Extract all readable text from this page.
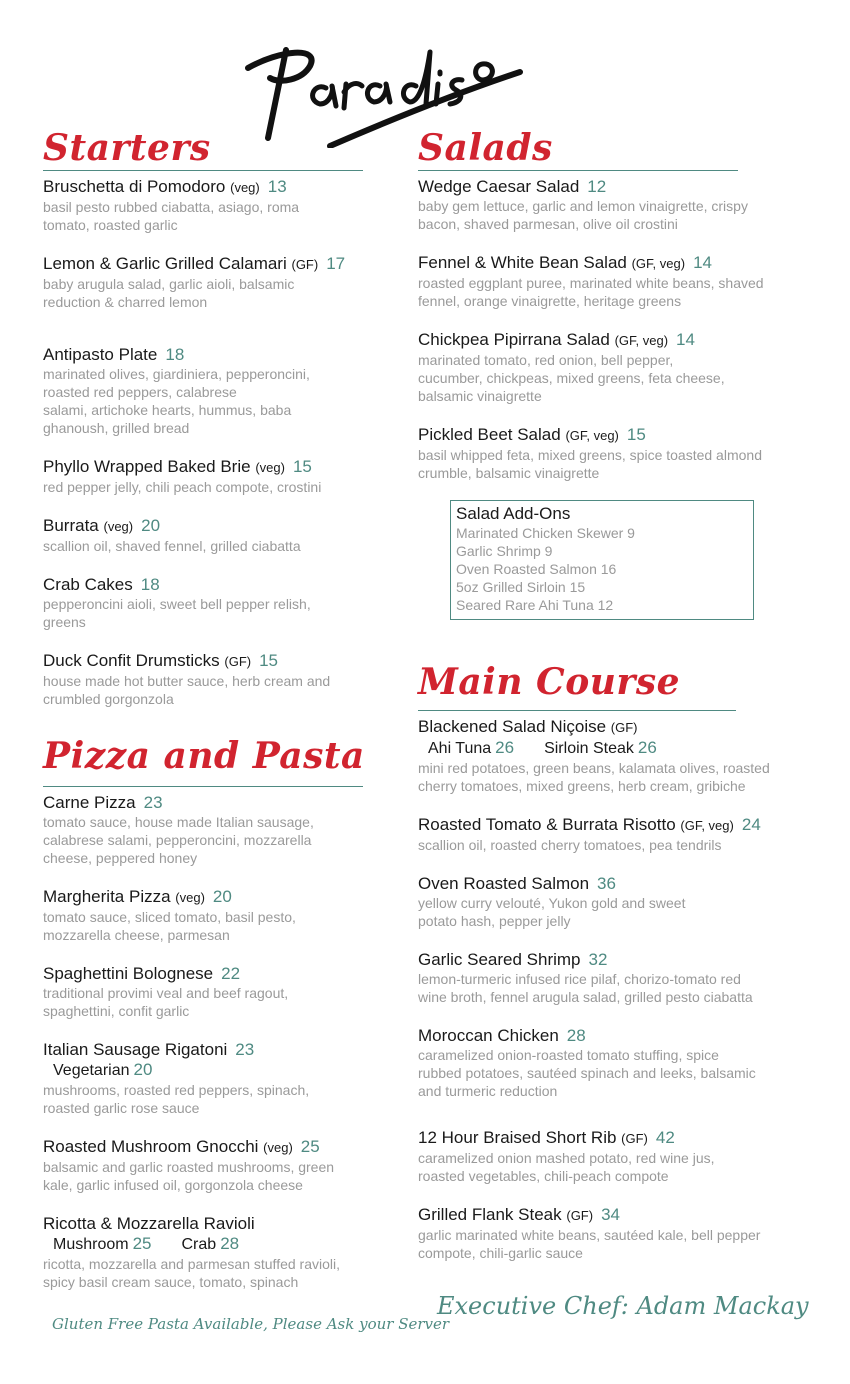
Starters
Bruschetta di Pomodoro (veg) 13
basil pesto rubbed ciabatta, asiago, roma
tomato, roasted garlic
Lemon & Garlic Grilled Calamari (GF) 17
baby arugula salad, garlic aioli, balsamic
reduction & charred lemon
Antipasto Plate 18
marinated olives, giardiniera, pepperoncini,
roasted red peppers, calabrese
salami, artichoke hearts, hummus, baba
ghanoush, grilled bread
Phyllo Wrapped Baked Brie (veg) 15
red pepper jelly, chili peach compote, crostini
Burrata (veg) 20
scallion oil, shaved fennel, grilled ciabatta
Crab Cakes 18
pepperoncini aioli, sweet bell pepper relish,
greens
Duck Confit Drumsticks (GF) 15
house made hot butter sauce, herb cream and
crumbled gorgonzola
Pizza and Pasta
Carne Pizza 23
tomato sauce, house made Italian sausage,
calabrese salami, pepperoncini, mozzarella
cheese, peppered honey
Margherita Pizza (veg) 20
tomato sauce, sliced tomato, basil pesto,
mozzarella cheese, parmesan
Spaghettini Bolognese 22
traditional provimi veal and beef ragout,
spaghettini, confit garlic
Italian Sausage Rigatoni 23
Vegetarian 20
mushrooms, roasted red peppers, spinach,
roasted garlic rose sauce
Roasted Mushroom Gnocchi (veg) 25
balsamic and garlic roasted mushrooms, green
kale, garlic infused oil, gorgonzola cheese
Ricotta & Mozzarella Ravioli
Mushroom 25 Crab 28
ricotta, mozzarella and parmesan stuffed ravioli,
spicy basil cream sauce, tomato, spinach
Salads
Wedge Caesar Salad 12
baby gem lettuce, garlic and lemon vinaigrette, crispy
bacon, shaved parmesan, olive oil crostini
Fennel & White Bean Salad (GF, veg) 14
roasted eggplant puree, marinated white beans, shaved
fennel, orange vinaigrette, heritage greens
Chickpea Pipirrana Salad (GF, veg) 14
marinated tomato, red onion, bell pepper,
cucumber, chickpeas, mixed greens, feta cheese,
balsamic vinaigrette
Pickled Beet Salad (GF, veg) 15
basil whipped feta, mixed greens, spice toasted almond
crumble, balsamic vinaigrette
Salad Add-Ons
Marinated Chicken Skewer 9
Garlic Shrimp 9
Oven Roasted Salmon 16
5oz Grilled Sirloin 15
Seared Rare Ahi Tuna 12
Main Course
Blackened Salad Niçoise (GF)
Ahi Tuna 26 Sirloin Steak 26
mini red potatoes, green beans, kalamata olives, roasted
cherry tomatoes, mixed greens, herb cream, gribiche
Roasted Tomato & Burrata Risotto (GF, veg) 24
scallion oil, roasted cherry tomatoes, pea tendrils
Oven Roasted Salmon 36
yellow curry velouté, Yukon gold and sweet
potato hash, pepper jelly
Garlic Seared Shrimp 32
lemon-turmeric infused rice pilaf, chorizo-tomato red
wine broth, fennel arugula salad, grilled pesto ciabatta
Moroccan Chicken 28
caramelized onion-roasted tomato stuffing, spice
rubbed potatoes, sautéed spinach and leeks, balsamic
and turmeric reduction
12 Hour Braised Short Rib (GF) 42
caramelized onion mashed potato, red wine jus,
roasted vegetables, chili-peach compote
Grilled Flank Steak (GF) 34
garlic marinated white beans, sautéed kale, bell pepper
compote, chili-garlic sauce
Gluten Free Pasta Available, Please Ask your Server
Executive Chef: Adam Mackay
